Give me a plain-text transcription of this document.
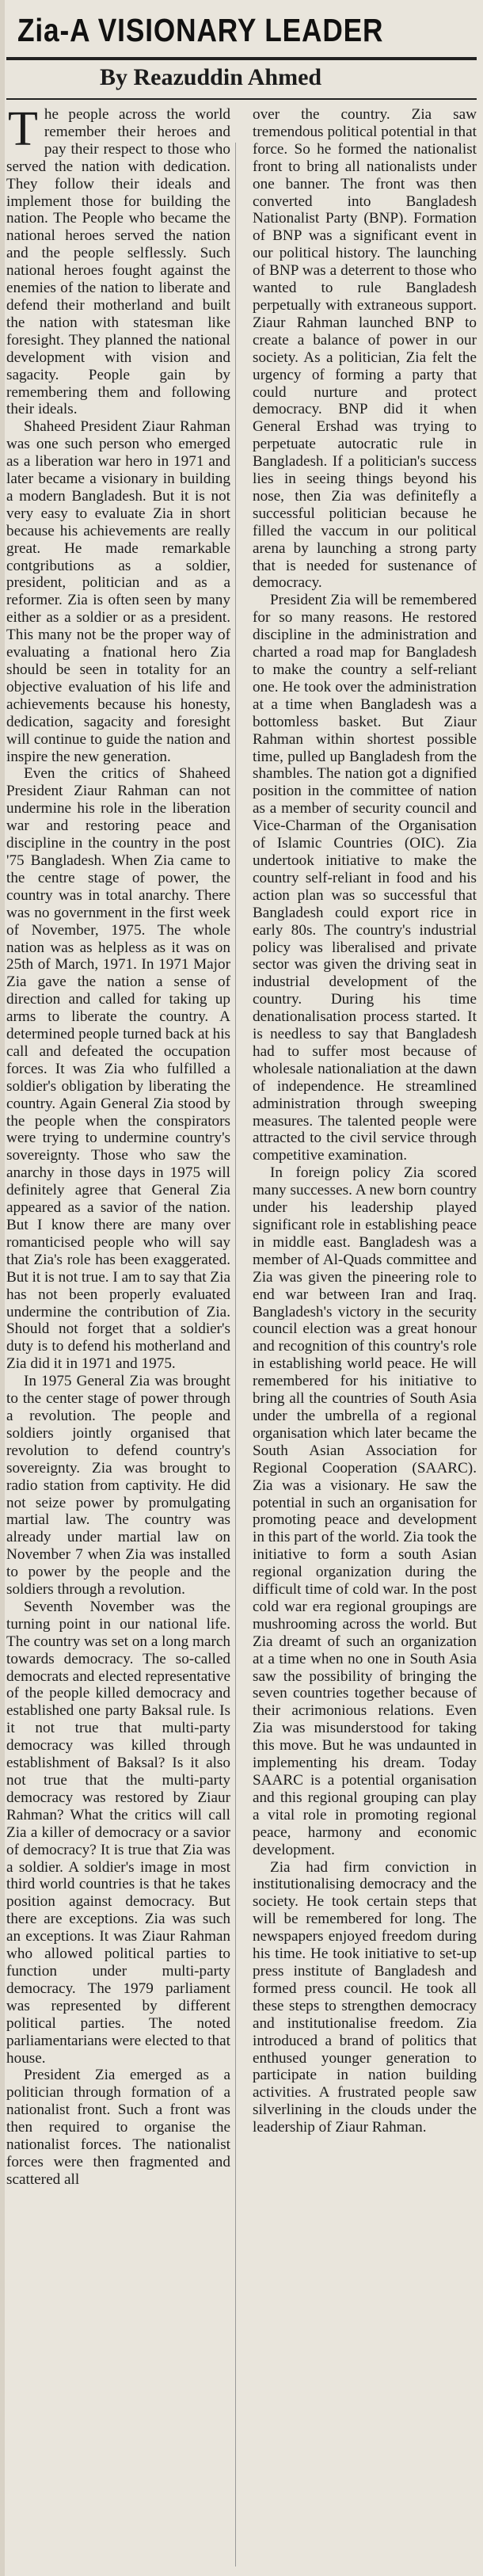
Zia-A VISIONARY LEADER
By Reazuddin Ahmed

The people across the world remember their heroes and pay their respect to those who served the nation with dedication. They follow their ideals and implement those for building the nation. The People who became the national heroes served the nation and the people selflessly. Such national heroes fought against the enemies of the nation to liberate and defend their motherland and built the nation with statesman like foresight. They planned the national development with vision and sagacity. People gain by remembering them and following their ideals.

Shaheed President Ziaur Rahman was one such person who emerged as a liberation war hero in 1971 and later became a visionary in building a modern Bangladesh. But it is not very easy to evaluate Zia in short because his achievements are really great. He made remarkable contgributions as a soldier, president, politician and as a reformer. Zia is often seen by many either as a soldier or as a president. This many not be the proper way of evaluating a fnational hero Zia should be seen in totality for an objective evaluation of his life and achievements because his honesty, dedication, sagacity and foresight will continue to guide the nation and inspire the new generation.

Even the critics of Shaheed President Ziaur Rahman can not undermine his role in the liberation war and restoring peace and discipline in the country in the post '75 Bangladesh. When Zia came to the centre stage of power, the country was in total anarchy. There was no government in the first week of November, 1975. The whole nation was as helpless as it was on 25th of March, 1971. In 1971 Major Zia gave the nation a sense of direction and called for taking up arms to liberate the country. A determined people turned back at his call and defeated the occupation forces. It was Zia who fulfilled a soldier's obligation by liberating the country. Again General Zia stood by the people when the conspirators were trying to undermine country's sovereignty. Those who saw the anarchy in those days in 1975 will definitely agree that General Zia appeared as a savior of the nation. But I know there are many over romanticised people who will say that Zia's role has been exaggerated. But it is not true. I am to say that Zia has not been properly evaluated undermine the contribution of Zia. Should not forget that a soldier's duty is to defend his motherland and Zia did it in 1971 and 1975.

In 1975 General Zia was brought to the center stage of power through a revolution. The people and soldiers jointly organised that revolution to defend country's sovereignty. Zia was brought to radio station from captivity. He did not seize power by promulgating martial law. The country was already under martial law on November 7 when Zia was installed to power by the people and the soldiers through a revolution.

Seventh November was the turning point in our national life. The country was set on a long march towards democracy. The so-called democrats and elected representative of the people killed democracy and established one party Baksal rule. Is it not true that multi-party democracy was killed through establishment of Baksal? Is it also not true that the multi-party democracy was restored by Ziaur Rahman? What the critics will call Zia a killer of democracy or a savior of democracy? It is true that Zia was a soldier. A soldier's image in most third world countries is that he takes position against democracy. But there are exceptions. Zia was such an exceptions. It was Ziaur Rahman who allowed political parties to function under multi-party democracy. The 1979 parliament was represented by different political parties. The noted parliamentarians were elected to that house.

President Zia emerged as a politician through formation of a nationalist front. Such a front was then required to organise the nationalist forces. The nationalist forces were then fragmented and scattered all

over the country. Zia saw tremendous political potential in that force. So he formed the nationalist front to bring all nationalists under one banner. The front was then converted into Bangladesh Nationalist Party (BNP). Formation of BNP was a significant event in our political history. The launching of BNP was a deterrent to those who wanted to rule Bangladesh perpetually with extraneous support. Ziaur Rahman launched BNP to create a balance of power in our society. As a politician, Zia felt the urgency of forming a party that could nurture and protect democracy. BNP did it when General Ershad was trying to perpetuate autocratic rule in Bangladesh. If a politician's success lies in seeing things beyond his nose, then Zia was definitefly a successful politician because he filled the vaccum in our political arena by launching a strong party that is needed for sustenance of democracy.

President Zia will be remembered for so many reasons. He restored discipline in the administration and charted a road map for Bangladesh to make the country a self-reliant one. He took over the administration at a time when Bangladesh was a bottomless basket. But Ziaur Rahman within shortest possible time, pulled up Bangladesh from the shambles. The nation got a dignified position in the committee of nation as a member of security council and Vice-Charman of the Organisation of Islamic Countries (OIC). Zia undertook initiative to make the country self-reliant in food and his action plan was so successful that Bangladesh could export rice in early 80s. The country's industrial policy was liberalised and private sector was given the driving seat in industrial development of the country. During his time denationalisation process started. It is needless to say that Bangladesh had to suffer most because of wholesale nationaliation at the dawn of independence. He streamlined administration through sweeping measures. The talented people were attracted to the civil service through competitive examination.

In foreign policy Zia scored many successes. A new born country under his leadership played significant role in establishing peace in middle east. Bangladesh was a member of Al-Quads committee and Zia was given the pineering role to end war between Iran and Iraq. Bangladesh's victory in the security council election was a great honour and recognition of this country's role in establishing world peace. He will remembered for his initiative to bring all the countries of South Asia under the umbrella of a regional organisation which later became the South Asian Association for Regional Cooperation (SAARC). Zia was a visionary. He saw the potential in such an organisation for promoting peace and development in this part of the world. Zia took the initiative to form a south Asian regional organization during the difficult time of cold war. In the post cold war era regional groupings are mushrooming across the world. But Zia dreamt of such an organization at a time when no one in South Asia saw the possibility of bringing the seven countries together because of their acrimonious relations. Even Zia was misunderstood for taking this move. But he was undaunted in implementing his dream. Today SAARC is a potential organisation and this regional grouping can play a vital role in promoting regional peace, harmony and economic development.

Zia had firm conviction in institutionalising democracy and the society. He took certain steps that will be remembered for long. The newspapers enjoyed freedom during his time. He took initiative to set-up press institute of Bangladesh and formed press council. He took all these steps to strengthen democracy and institutionalise freedom. Zia introduced a brand of politics that enthused younger generation to participate in nation building activities. A frustrated people saw silverlining in the clouds under the leadership of Ziaur Rahman.
